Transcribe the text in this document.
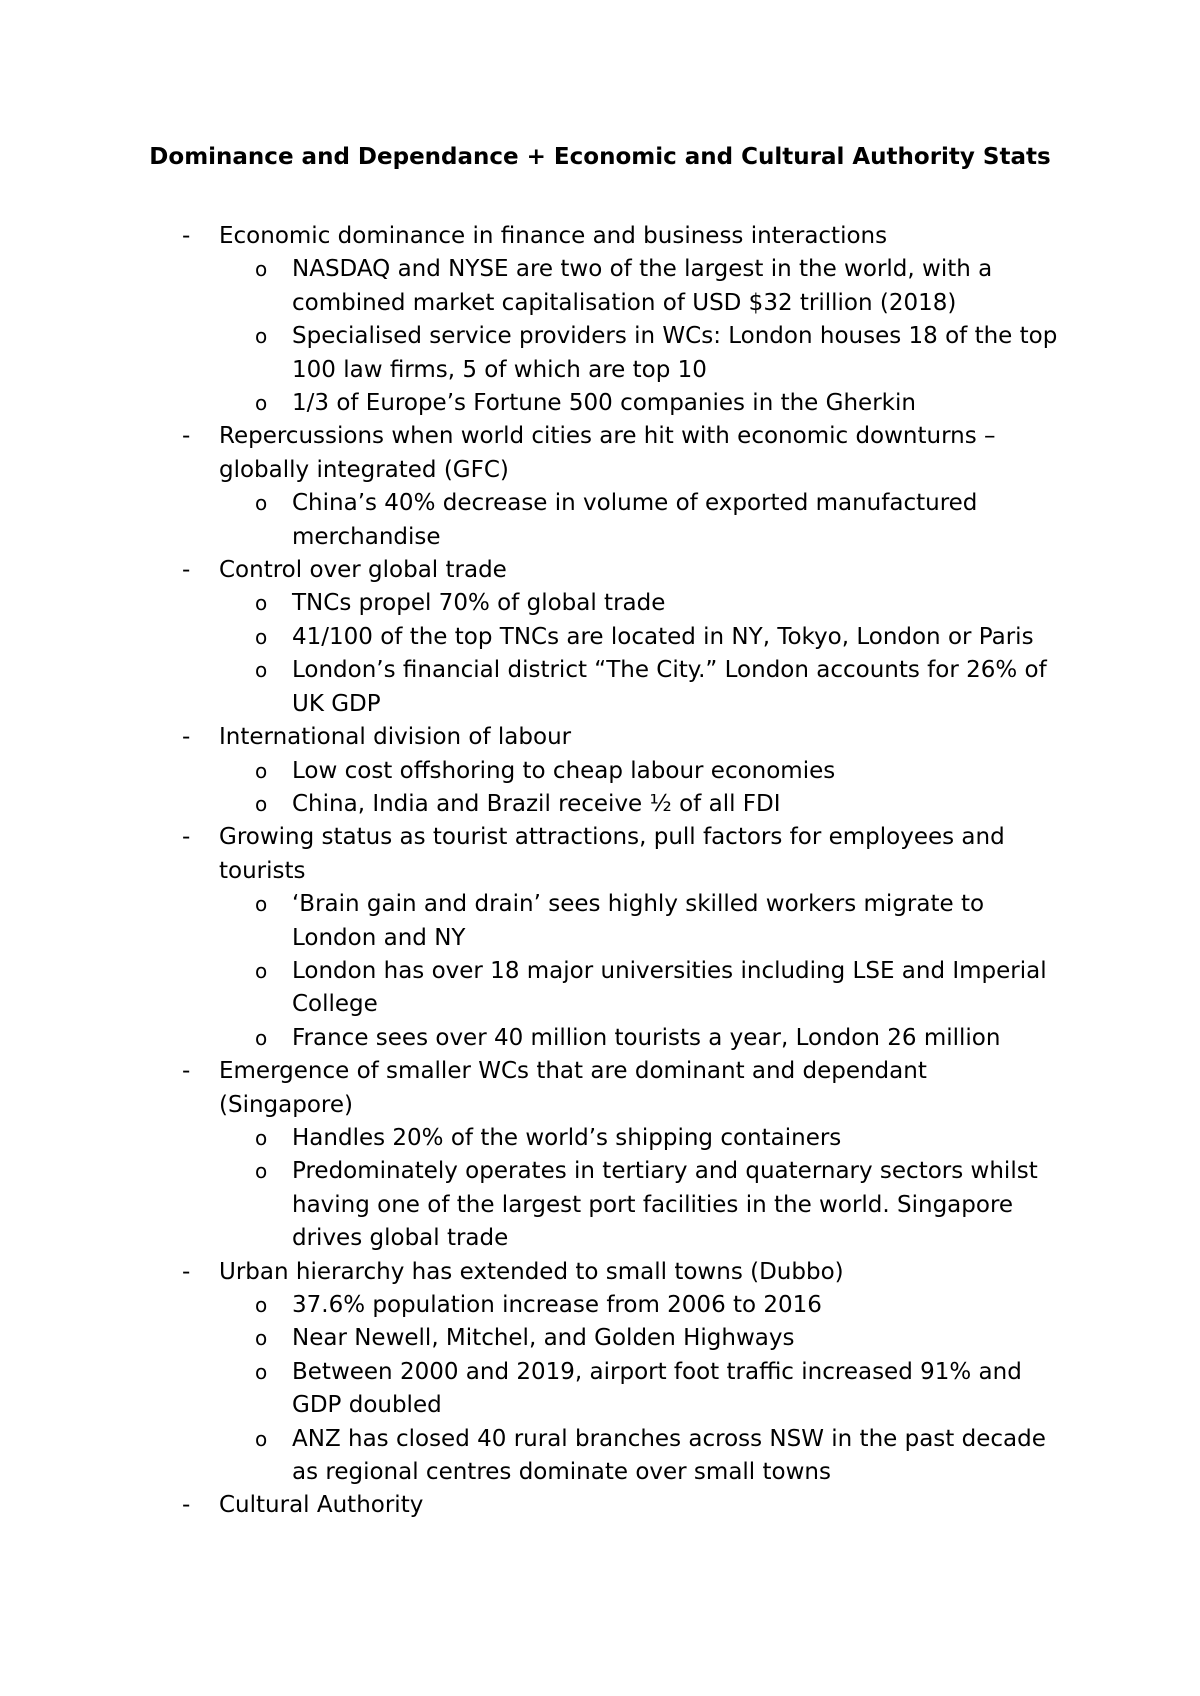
Dominance and Dependance + Economic and Cultural Authority Stats
- Economic dominance in finance and business interactions
o NASDAQ and NYSE are two of the largest in the world, with a combined market capitalisation of USD $32 trillion (2018)
o Specialised service providers in WCs: London houses 18 of the top 100 law firms, 5 of which are top 10
o 1/3 of Europe’s Fortune 500 companies in the Gherkin
- Repercussions when world cities are hit with economic downturns – globally integrated (GFC)
o China’s 40% decrease in volume of exported manufactured merchandise
- Control over global trade
o TNCs propel 70% of global trade
o 41/100 of the top TNCs are located in NY, Tokyo, London or Paris
o London’s financial district “The City.” London accounts for 26% of UK GDP
- International division of labour
o Low cost offshoring to cheap labour economies
o China, India and Brazil receive ½ of all FDI
- Growing status as tourist attractions, pull factors for employees and tourists
o ‘Brain gain and drain’ sees highly skilled workers migrate to London and NY
o London has over 18 major universities including LSE and Imperial College
o France sees over 40 million tourists a year, London 26 million
- Emergence of smaller WCs that are dominant and dependant (Singapore)
o Handles 20% of the world’s shipping containers
o Predominately operates in tertiary and quaternary sectors whilst having one of the largest port facilities in the world. Singapore drives global trade
- Urban hierarchy has extended to small towns (Dubbo)
o 37.6% population increase from 2006 to 2016
o Near Newell, Mitchel, and Golden Highways
o Between 2000 and 2019, airport foot traffic increased 91% and GDP doubled
o ANZ has closed 40 rural branches across NSW in the past decade as regional centres dominate over small towns
- Cultural Authority
